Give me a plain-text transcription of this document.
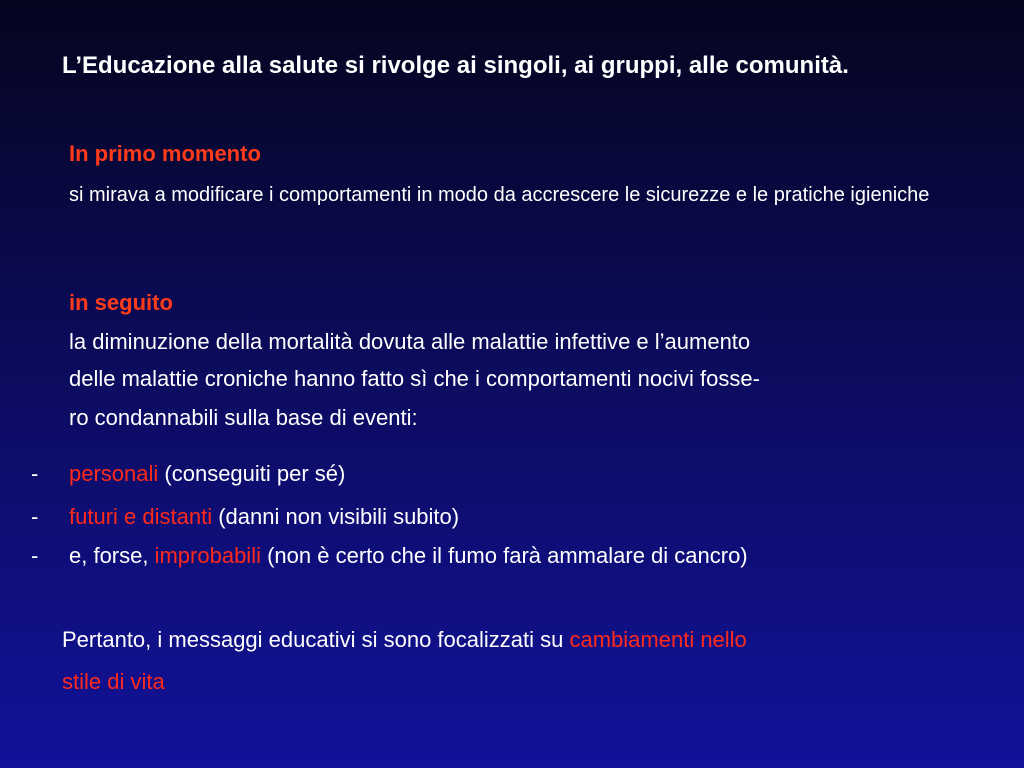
L’Educazione alla salute si rivolge ai singoli, ai gruppi, alle comunità.
In primo momento
si mirava a modificare i comportamenti in modo da accrescere le sicurezze e le pratiche igieniche
in seguito
la diminuzione della mortalità dovuta alle malattie infettive e l’aumento
delle malattie croniche hanno fatto sì che i comportamenti nocivi fosse-
ro condannabili sulla base di eventi:
- personali (conseguiti per sé)
- futuri e distanti (danni non visibili subito)
- e, forse, improbabili (non è certo che il fumo farà ammalare di cancro)
Pertanto, i messaggi educativi si sono focalizzati su cambiamenti nello
stile di vita
